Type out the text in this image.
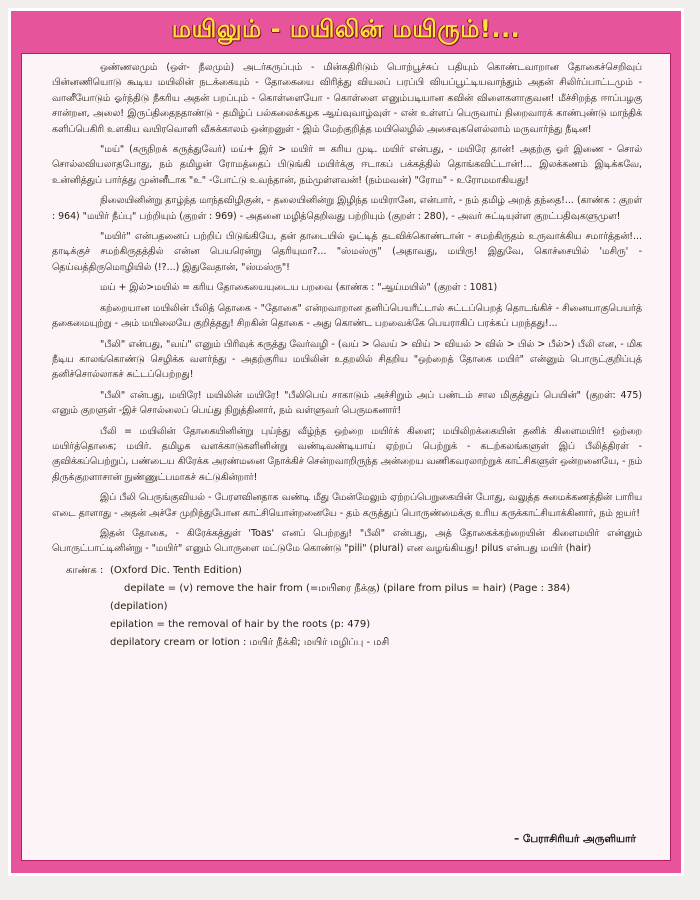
மயிலும் - மயிலின் மயிரும்!...

ஒண்ணலமும் (ஒள்- நீலமும்) அடர்கருப்பும் - மின்கதிரிடும் பொற்பூச்சுப் பதியும் கொண்டவாறான தோகைச்செறிவுப் பின்னணியொடு கூடிய மயிலின் நடக்கையும் - தோகையை விரித்து வியலப் பரப்பி வியப்பூட்டியவாந்தும் அதன் சிலிர்ப்பாட்டமும் - வானீயோடும் ஓர்ந்திடு நீகரிய அதன் பறப்பும் - கொள்ளையோ - கொள்ளை எனும்படியான கவின் விளைகளாகுவன! மீச்சிறந்த ஈாப்பழகு சான்றன, அலை! இருப்திதைநதாண்டு - தமிழ்ப் பல்கலைக்கழக ஆய்வுவாழ்வுள் - என் உள்ளப் பெருவாய் நிறைவாரக் காண்புண்டு மாந்திக் களிப்பெகிரி உளகிய வயிரவொளி வீசுக்காலம் ஒன்றனுள் - இம் மேற்குறித்த மயிலெழில் அசைவுகளெல்லாம் மருவார்ந்து நீடின!

"மய்" (கருநிறக் கருத்துவேர்) மய்+ இர் > மயிர் = கரிய முடி. மயிர் என்பது, - மயிரே தான்! அதற்கு ஓர் இணை - சொல் சொல்லவியலாதபோது, நம் தமிழன் ரோமத்தைப் பிடுங்கி மயிர்க்கு ஈடாகப் பக்கத்தில் தொங்கவிட்டான்!... இலக்கணம் இடிக்கவே, உன்னித்துப் பார்த்து முன்னீடாக "உ" -போட்டு உவந்தான், நம்முள்ளவன்! (நம்மவன்) "ரோம" - உரோமமாகியது!

நிலையினின்று தாழ்ந்த மாந்தவிழிகுன், - தலையினின்று இழிந்த மயிரானே, என்பார், - நம் தமிழ் அறத் தந்தை!... (காண்க : குறள் : 964) "மயிர் நீப்பு" பற்றியும் (குறள் : 969) - அதனை மழித்தெறிவது பற்றியும் (குறள் : 280), - அவர் சுட்டியுள்ள குறட்பதிவுகளுமுள!

"மயிர்" என்பதனைப் பற்றிப் பிடுங்கியே, தன் தாடையில் ஓட்டித் தடவிக்கொண்டான் - சமற்கிருதம் உருவாக்கிய சமார்த்தன்!... தாடிக்குச் சமற்கிருதத்தில் என்ன பெயரென்று தெரியுமா?... "ஸ்மஸ்ரு" (அதாவது, மயிரு! இதுவே, கொச்சையில் 'மசிரு' - தெய்வத்திருமொழியில் (!?...) இதுவேதான், "ஸ்மஸ்ரு"!

மய் + இல்>மயில் = கரிய தோகையையுடைய பறவை (காண்க : "ஆய்மயில்" (குறள் : 1081)

கற்றையான மயிலின் பீலித் தொகை - "தோகை" என்றவாறான தனிப்பெயரீட்டால் சுட்டப்பெறத் தொடங்கிச் - சினையாகுபெயர்த் தகைமையுற்று - அம் மயிலையே குறித்தது! சிறகின் தொகை - அது கொண்ட பறவைக்கே பெயராகிப் பரக்கப் பறந்தது!...

"பீலி" என்பது, "வய்" எனும் பிரிவுக் கருத்து வேர்வழி - (வய் > வெய் > விய் > வியல் > வில் > பில் > பீல்>) பீலி என, - மிக நீடிய காலங்கொண்டு செழிக்க வளர்ந்து - அதற்குரிய மயிலின் உதறலில் சிதறிய "ஒற்றைத் தோகை மயிர்" என்னும் பொருட்குறிப்புத் தனிச்சொல்லாகச் சுட்டப்பெற்றது!

"பீலி" என்பது, மயிரே! மயிலின் மயிரே! "பீலிபெய் சாகாடும் அச்சிறும் அப் பண்டம் சால மிகுத்துப் பெயின்" (குறள்: 475) எனும் குறளுள் -இச் சொல்லைப் பெய்து நிறுத்தினார், நம் வள்ளுவர் பெருமகனார்!

பீலி = மயிலின் தோகையினின்று புய்ந்து வீழ்ந்த ஒற்றை மயிர்க் கிளை; மயிலிறக்கையின் தனிக் கிளைமயிர்! ஒற்றை மயிர்த்தொகை; மயிர். தமிழக வளக்காடுகளினின்று வண்டிவண்டியாய் ஏற்றப் பெற்றுக் - கடற்கலங்களுள் இப் பீலித்திரள் - குவிக்கப்பெற்றுப், பண்டைய கிரேக்க அரண்மனை நோக்கிச் சென்றவாறிருந்த அன்றைய வணிகவரலாற்றுக் காட்சிகளுள் ஒன்றனையே, - நம் திருக்குறளாசான் நுண்ணுட்பமாகச் சுட்டுகின்றார்!

இப் பீலி பெருங்குவியல் - பேரளவினதாக வண்டி மீது மேன்மேலும் ஏற்றப்பெறுகையின் போது, வலுத்த சுமைக்கணத்தின் பாரிய எடை தாளாது - அதன் அச்சே முறிந்துபோன காட்சியொன்றனையே - தம் கருத்துப் பொருண்மைக்கு உரிய கருக்காட்சியாக்கினார், நம் ஐயர்!

இதன் தோகை, - கிரேக்கத்துள் 'Toas' எனப் பெற்றது! "பீலி" என்பது, அத் தோகைக்கற்றையின் கிளைமயிர் என்னும் பொருட்பாட்டினின்று - "மயிர்" எனும் பொருளை மட்டுமே கொண்டு "pili" (plural) என வழங்கியது! pilus என்பது மயிர் (hair)

காண்க : (Oxford Dic. Tenth Edition)
depilate = (v) remove the hair from (=மயிரை நீக்கு) (pilare from pilus = hair) (Page : 384)
(depilation)
epilation = the removal of hair by the roots (p: 479)
depilatory cream or lotion : மயிர் நீக்கி; மயிர் மழிப்பு - மசி
– பேராசிரியர் அருளியார்
